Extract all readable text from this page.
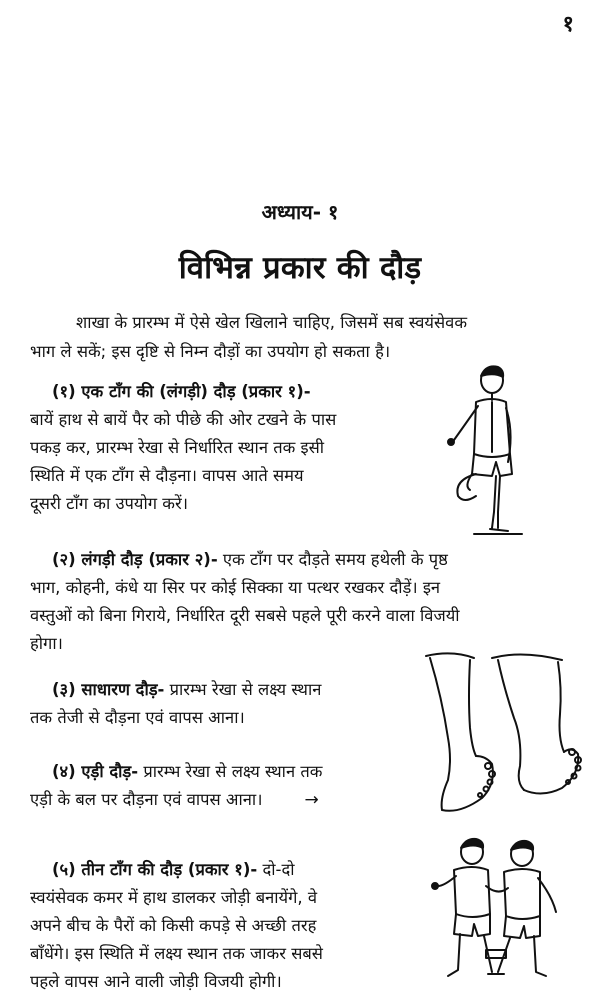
१
अध्याय- १
विभिन्न प्रकार की दौड़
शाखा के प्रारम्भ में ऐसे खेल खिलाने चाहिए, जिसमें सब स्वयंसेवक
भाग ले सकें; इस दृष्टि से निम्न दौड़ों का उपयोग हो सकता है।
(१) एक टाँग की (लंगड़ी) दौड़ (प्रकार १)-
बायें हाथ से बायें पैर को पीछे की ओर टखने के पास
पकड़ कर, प्रारम्भ रेखा से निर्धारित स्थान तक इसी
स्थिति में एक टाँग से दौड़ना। वापस आते समय
दूसरी टाँग का उपयोग करें।
(२) लंगड़ी दौड़ (प्रकार २)- एक टाँग पर दौड़ते समय हथेली के पृष्ठ
भाग, कोहनी, कंधे या सिर पर कोई सिक्का या पत्थर रखकर दौड़ें। इन
वस्तुओं को बिना गिराये, निर्धारित दूरी सबसे पहले पूरी करने वाला विजयी
होगा।
(३) साधारण दौड़- प्रारम्भ रेखा से लक्ष्य स्थान
तक तेजी से दौड़ना एवं वापस आना।
(४) एड़ी दौड़- प्रारम्भ रेखा से लक्ष्य स्थान तक
एड़ी के बल पर दौड़ना एवं वापस आना। →
(५) तीन टाँग की दौड़ (प्रकार १)- दो-दो
स्वयंसेवक कमर में हाथ डालकर जोड़ी बनायेंगे, वे
अपने बीच के पैरों को किसी कपड़े से अच्छी तरह
बाँधेंगे। इस स्थिति में लक्ष्य स्थान तक जाकर सबसे
पहले वापस आने वाली जोड़ी विजयी होगी।
